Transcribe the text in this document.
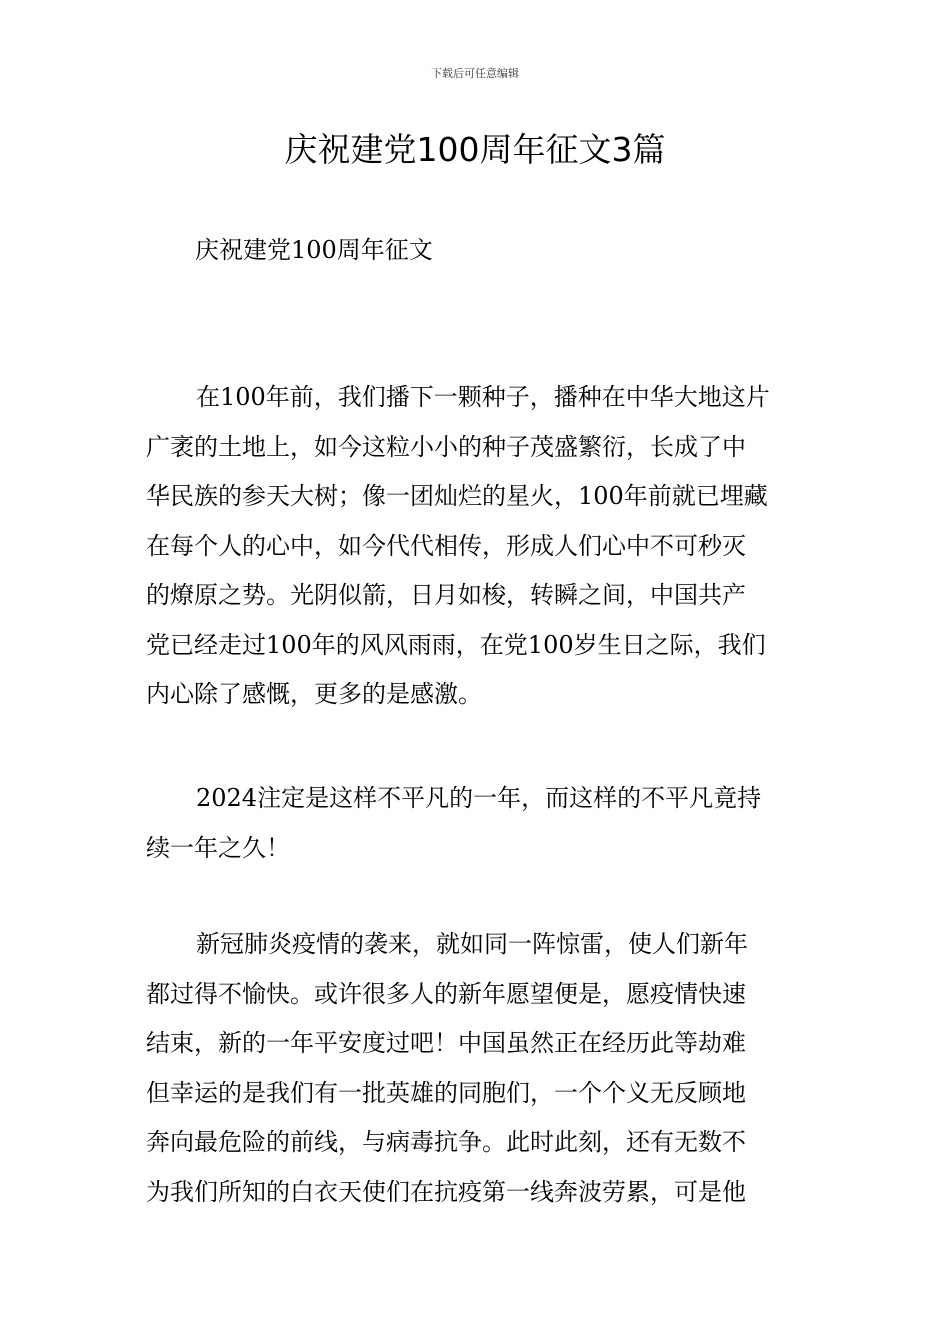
下载后可任意编辑
庆祝建党100周年征文3篇
庆祝建党100周年征文
在100年前，我们播下一颗种子，播种在中华大地这片
广袤的土地上，如今这粒小小的种子茂盛繁衍，长成了中
华民族的参天大树；像一团灿烂的星火，100年前就已埋藏
在每个人的心中，如今代代相传，形成人们心中不可秒灭
的燎原之势。光阴似箭，日月如梭，转瞬之间，中国共产
党已经走过100年的风风雨雨，在党100岁生日之际，我们
内心除了感慨，更多的是感激。
2024注定是这样不平凡的一年，而这样的不平凡竟持
续一年之久！
新冠肺炎疫情的袭来，就如同一阵惊雷，使人们新年
都过得不愉快。或许很多人的新年愿望便是，愿疫情快速
结束，新的一年平安度过吧！中国虽然正在经历此等劫难
但幸运的是我们有一批英雄的同胞们，一个个义无反顾地
奔向最危险的前线，与病毒抗争。此时此刻，还有无数不
为我们所知的白衣天使们在抗疫第一线奔波劳累，可是他
